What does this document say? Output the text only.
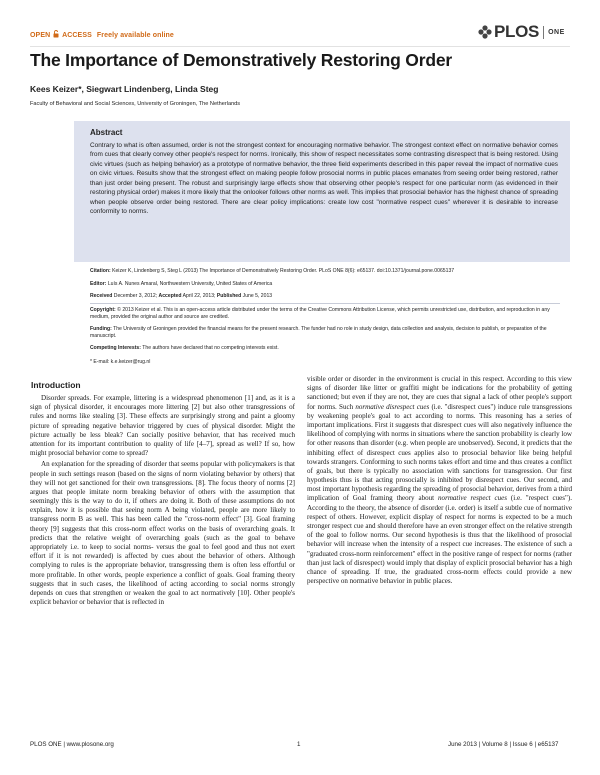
OPEN ACCESS Freely available online	PLOS ONE
The Importance of Demonstratively Restoring Order
Kees Keizer*, Siegwart Lindenberg, Linda Steg
Faculty of Behavioral and Social Sciences, University of Groningen, The Netherlands
Abstract
Contrary to what is often assumed, order is not the strongest context for encouraging normative behavior. The strongest context effect on normative behavior comes from cues that clearly convey other people's respect for norms. Ironically, this show of respect necessitates some contrasting disrespect that is being restored. Using civic virtues (such as helping behavior) as a prototype of normative behavior, the three field experiments described in this paper reveal the impact of normative cues on civic virtues. Results show that the strongest effect on making people follow prosocial norms in public places emanates from seeing order being restored, rather than just order being present. The robust and surprisingly large effects show that observing other people's respect for one particular norm (as evidenced in their restoring physical order) makes it more likely that the onlooker follows other norms as well. This implies that prosocial behavior has the highest chance of spreading when people observe order being restored. There are clear policy implications: create low cost "normative respect cues" wherever it is desirable to increase conformity to norms.
Citation: Keizer K, Lindenberg S, Steg L (2013) The Importance of Demonstratively Restoring Order. PLoS ONE 8(6): e65137. doi:10.1371/journal.pone.0065137
Editor: Luís A. Nunes Amaral, Northwestern University, United States of America
Received December 3, 2012; Accepted April 22, 2013; Published June 5, 2013
Copyright: © 2013 Keizer et al. This is an open-access article distributed under the terms of the Creative Commons Attribution License, which permits unrestricted use, distribution, and reproduction in any medium, provided the original author and source are credited.
Funding: The University of Groningen provided the financial means for the present research. The funder had no role in study design, data collection and analysis, decision to publish, or preparation of the manuscript.
Competing Interests: The authors have declared that no competing interests exist.
* E-mail: k.e.keizer@rug.nl
Introduction

Disorder spreads. For example, littering is a widespread phenomenon [1] and, as it is a sign of physical disorder, it encourages more littering [2] but also other transgressions of rules and norms like stealing [3]. These effects are surprisingly strong and paint a gloomy picture of spreading negative behavior triggered by cues of physical disorder. Might the picture actually be less bleak? Can socially positive behavior, that has received much attention for its important contribution to quality of life [4–7], spread as well? If so, how might prosocial behavior come to spread?

An explanation for the spreading of disorder that seems popular with policymakers is that people in such settings reason (based on the signs of norm violating behavior by others) that they will not get sanctioned for their own transgressions. [8]. The focus theory of norms [2] argues that people imitate norm breaking behavior of others with the assumption that seemingly this is the way to do it, if others are doing it. Both of these assumptions do not explain, how it is possible that seeing norm A being violated, people are more likely to transgress norm B as well. This has been called the "cross-norm effect" [3]. Goal framing theory [9] suggests that this cross-norm effect works on the basis of overarching goals. It predicts that the relative weight of overarching goals (such as the goal to behave appropriately i.e. to keep to social norms- versus the goal to feel good and thus not exert effort if it is not rewarded) is affected by cues about the behavior of others. Although complying to rules is the appropriate behavior, transgressing them is often less effortful or more profitable. In other words, people experience a conflict of goals. Goal framing theory suggests that in such cases, the likelihood of acting according to social norms strongly depends on cues that strengthen or weaken the goal to act normatively [10]. Other people's explicit behavior or behavior that is reflected in

visible order or disorder in the environment is crucial in this respect. According to this view signs of disorder like litter or graffiti might be indications for the probability of getting sanctioned; but even if they are not, they are cues that signal a lack of other people's support for norms. Such normative disrespect cues (i.e. "disrespect cues") induce rule transgressions by weakening people's goal to act according to norms. This reasoning has a series of important implications. First it suggests that disrespect cues will also negatively influence the likelihood of complying with norms in situations where the sanction probability is clearly low for other reasons than disorder (e.g. when people are unobserved). Second, it predicts that the inhibiting effect of disrespect cues applies also to prosocial behavior like being helpful towards strangers. Conforming to such norms takes effort and time and thus creates a conflict of goals, but there is typically no association with sanctions for transgression. Our first hypothesis thus is that acting prosocially is inhibited by disrespect cues. Our second, and most important hypothesis regarding the spreading of prosocial behavior, derives from a third implication of Goal framing theory about normative respect cues (i.e. "respect cues"). According to the theory, the absence of disorder (i.e. order) is itself a subtle cue of normative respect of others. However, explicit display of respect for norms is expected to be a much stronger respect cue and should therefore have an even stronger effect on the relative strength of the goal to follow norms. Our second hypothesis is thus that the likelihood of prosocial behavior will increase when the intensity of a respect cue increases. The existence of such a "graduated cross-norm reinforcement" effect in the positive range of respect for norms (rather than just lack of disrespect) would imply that display of explicit prosocial behavior has a high chance of spreading. If true, the graduated cross-norm effects could provide a new perspective on normative behavior in public places.

PLOS ONE | www.plosone.org	1	June 2013 | Volume 8 | Issue 6 | e65137
